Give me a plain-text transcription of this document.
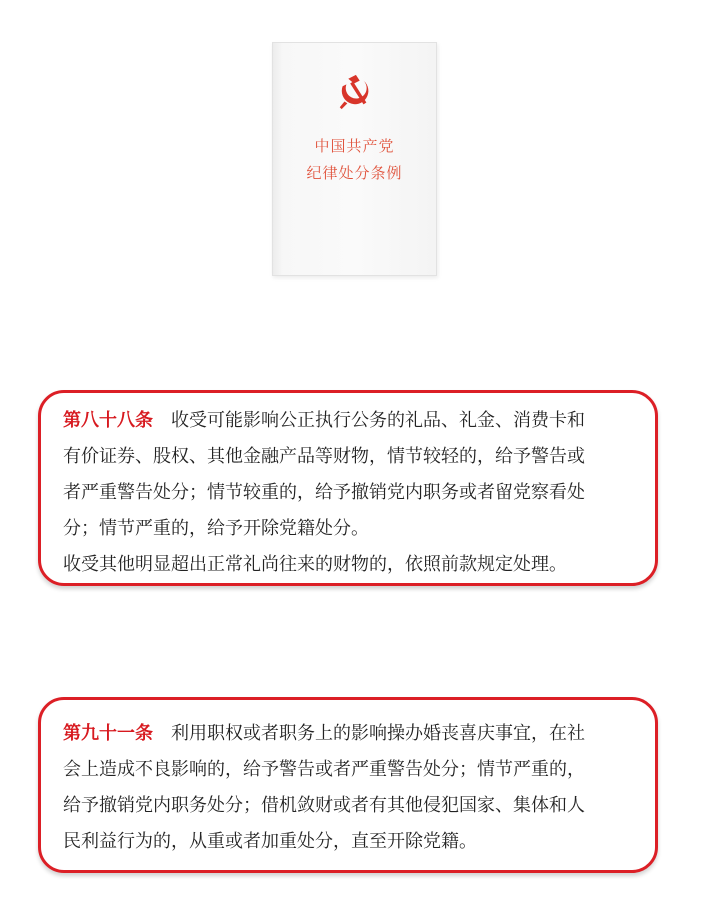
中国共产党
纪律处分条例
第八十八条 收受可能影响公正执行公务的礼品、礼金、消费卡和
有价证券、股权、其他金融产品等财物，情节较轻的，给予警告或
者严重警告处分；情节较重的，给予撤销党内职务或者留党察看处
分；情节严重的，给予开除党籍处分。
收受其他明显超出正常礼尚往来的财物的，依照前款规定处理。
第九十一条 利用职权或者职务上的影响操办婚丧喜庆事宜，在社
会上造成不良影响的，给予警告或者严重警告处分；情节严重的，
给予撤销党内职务处分；借机敛财或者有其他侵犯国家、集体和人
民利益行为的，从重或者加重处分，直至开除党籍。
